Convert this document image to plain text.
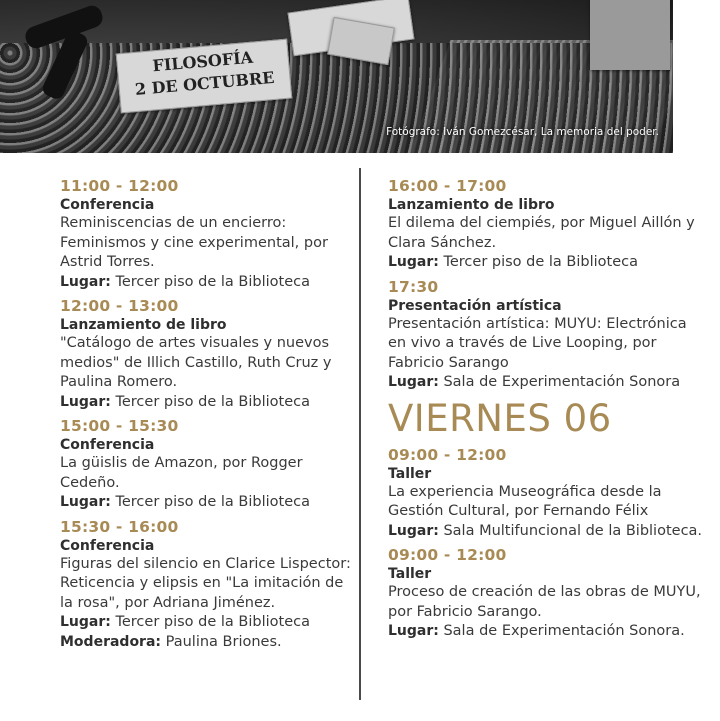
FILOSOFÍA
2 DE OCTUBRE
Fotógrafo: Iván Gomezcésar, La memoria del poder.
11:00 - 12:00
Conferencia
Reminiscencias de un encierro: Feminismos y cine experimental, por Astrid Torres.
Lugar: Tercer piso de la Biblioteca
12:00 - 13:00
Lanzamiento de libro
"Catálogo de artes visuales y nuevos medios" de Illich Castillo, Ruth Cruz y Paulina Romero.
Lugar: Tercer piso de la Biblioteca
15:00 - 15:30
Conferencia
La güislis de Amazon, por Rogger Cedeño.
Lugar: Tercer piso de la Biblioteca
15:30 - 16:00
Conferencia
Figuras del silencio en Clarice Lispector: Reticencia y elipsis en "La imitación de la rosa", por Adriana Jiménez.
Lugar: Tercer piso de la Biblioteca
Moderadora: Paulina Briones.
16:00 - 17:00
Lanzamiento de libro
El dilema del ciempiés, por Miguel Aillón y Clara Sánchez.
Lugar: Tercer piso de la Biblioteca
17:30
Presentación artística
Presentación artística: MUYU: Electrónica en vivo a través de Live Looping, por Fabricio Sarango
Lugar: Sala de Experimentación Sonora
VIERNES 06
09:00 - 12:00
Taller
La experiencia Museográfica desde la Gestión Cultural, por Fernando Félix
Lugar: Sala Multifuncional de la Biblioteca.
09:00 - 12:00
Taller
Proceso de creación de las obras de MUYU, por Fabricio Sarango.
Lugar: Sala de Experimentación Sonora.
